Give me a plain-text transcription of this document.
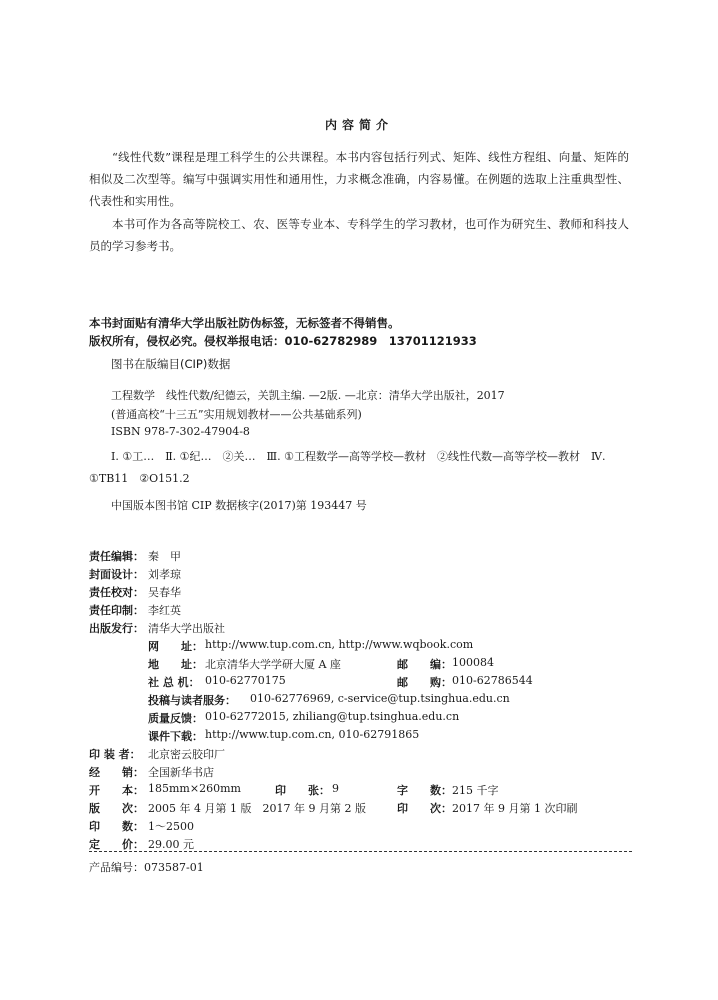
内容简介

“线性代数”课程是理工科学生的公共课程。本书内容包括行列式、矩阵、线性方程组、向量、矩阵的相似及二次型等。编写中强调实用性和通用性，力求概念准确，内容易懂。在例题的选取上注重典型性、代表性和实用性。

本书可作为各高等院校工、农、医等专业本、专科学生的学习教材，也可作为研究生、教师和科技人员的学习参考书。

本书封面贴有清华大学出版社防伪标签，无标签者不得销售。
版权所有，侵权必究。侵权举报电话：010-62782989　13701121933
图书在版编目(CIP)数据
工程数学　线性代数/纪德云，关凯主编. —2版. —北京：清华大学出版社，2017
(普通高校“十三五”实用规划教材——公共基础系列)
ISBN 978-7-302-47904-8
Ⅰ. ①工…　Ⅱ. ①纪…　②关…　Ⅲ. ①工程数学—高等学校—教材　②线性代数—高等学校—教材　Ⅳ. ①TB11　②O151.2
中国版本图书馆 CIP 数据核字(2017)第 193447 号
责任编辑： 秦　甲
封面设计： 刘孝琼
责任校对： 吴春华
责任印制： 李红英
出版发行： 清华大学出版社
网　　址： http://www.tup.com.cn, http://www.wqbook.com
地　　址： 北京清华大学学研大厦 A 座	邮　　编： 100084
社 总 机： 010-62770175	邮　　购： 010-62786544
投稿与读者服务： 010-62776969, c-service@tup.tsinghua.edu.cn
质量反馈： 010-62772015, zhiliang@tup.tsinghua.edu.cn
课件下载： http://www.tup.com.cn, 010-62791865
印 装 者： 北京密云胶印厂
经　　销： 全国新华书店
开　　本： 185mm×260mm	印　　张： 9	字　　数： 215 千字
版　　次： 2005 年 4 月第 1 版　2017 年 9 月第 2 版	印　　次： 2017 年 9 月第 1 次印刷
印　　数： 1～2500
定　　价： 29.00 元
产品编号：073587-01
